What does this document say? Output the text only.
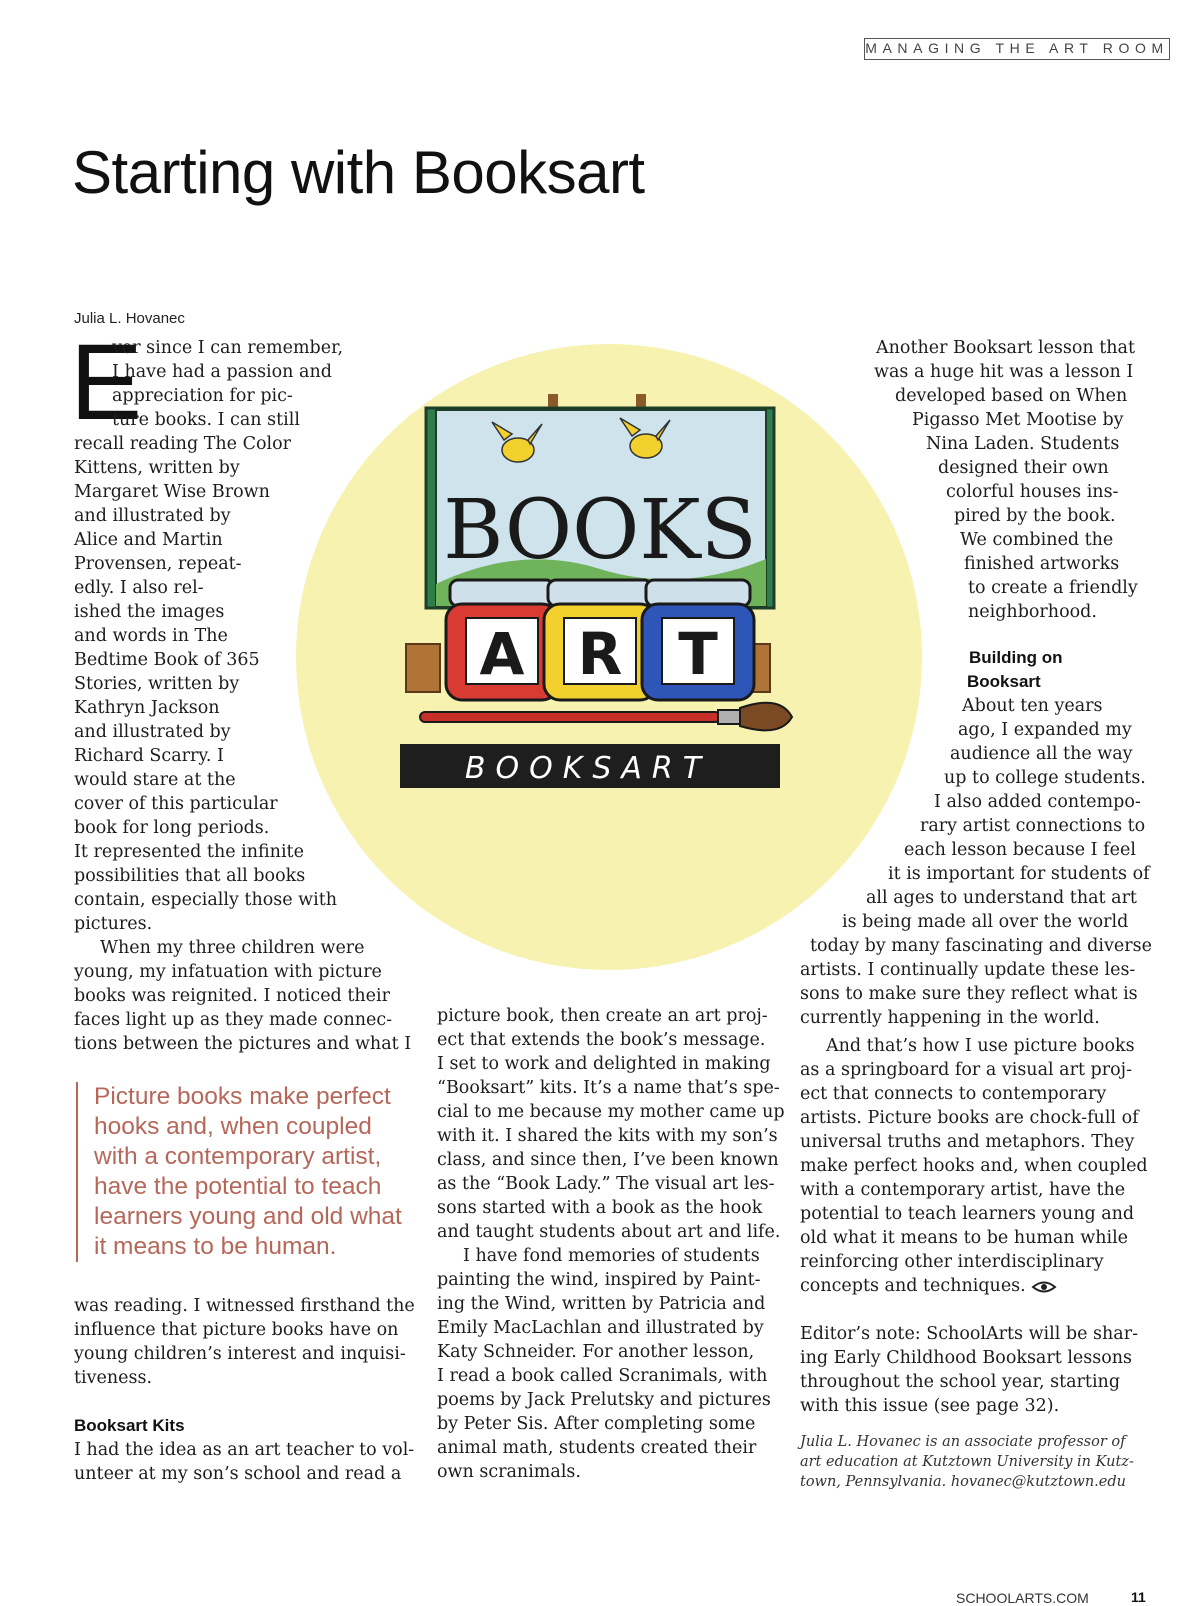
MANAGING THE ART ROOM
Starting with Booksart
Julia L. Hovanec
BOOKS
A R T
BOOKSART
E
ver since I can remember,
I have had a passion and
appreciation for pic-
ture books. I can still
recall reading The Color
Kittens, written by
Margaret Wise Brown
and illustrated by
Alice and Martin
Provensen, repeat-
edly. I also rel-
ished the images
and words in The
Bedtime Book of 365
Stories, written by
Kathryn Jackson
and illustrated by
Richard Scarry. I
would stare at the
cover of this particular
book for long periods.
It represented the infinite
possibilities that all books
contain, especially those with
pictures.
When my three children were
young, my infatuation with picture
books was reignited. I noticed their
faces light up as they made connec-
tions between the pictures and what I
Picture books make perfect
hooks and, when coupled
with a contemporary artist,
have the potential to teach
learners young and old what
it means to be human.
was reading. I witnessed firsthand the
influence that picture books have on
young children’s interest and inquisi-
tiveness.
Booksart Kits
I had the idea as an art teacher to vol-
unteer at my son’s school and read a
picture book, then create an art proj-
ect that extends the book’s message.
I set to work and delighted in making
“Booksart” kits. It’s a name that’s spe-
cial to me because my mother came up
with it. I shared the kits with my son’s
class, and since then, I’ve been known
as the “Book Lady.” The visual art les-
sons started with a book as the hook
and taught students about art and life.
I have fond memories of students
painting the wind, inspired by Paint-
ing the Wind, written by Patricia and
Emily MacLachlan and illustrated by
Katy Schneider. For another lesson,
I read a book called Scranimals, with
poems by Jack Prelutsky and pictures
by Peter Sis. After completing some
animal math, students created their
own scranimals.
Another Booksart lesson that
was a huge hit was a lesson I
developed based on When
Pigasso Met Mootise by
Nina Laden. Students
designed their own
colorful houses ins-
pired by the book.
We combined the
finished artworks
to create a friendly
neighborhood.
Building on
Booksart
About ten years
ago, I expanded my
audience all the way
up to college students.
I also added contempo-
rary artist connections to
each lesson because I feel
it is important for students of
all ages to understand that art
is being made all over the world
today by many fascinating and diverse
artists. I continually update these les-
sons to make sure they reflect what is
currently happening in the world.
And that’s how I use picture books
as a springboard for a visual art proj-
ect that connects to contemporary
artists. Picture books are chock-full of
universal truths and metaphors. They
make perfect hooks and, when coupled
with a contemporary artist, have the
potential to teach learners young and
old what it means to be human while
reinforcing other interdisciplinary
concepts and techniques.
Editor’s note: SchoolArts will be shar-
ing Early Childhood Booksart lessons
throughout the school year, starting
with this issue (see page 32).
Julia L. Hovanec is an associate professor of
art education at Kutztown University in Kutz-
town, Pennsylvania. hovanec@kutztown.edu
SCHOOLARTS.COM	11
